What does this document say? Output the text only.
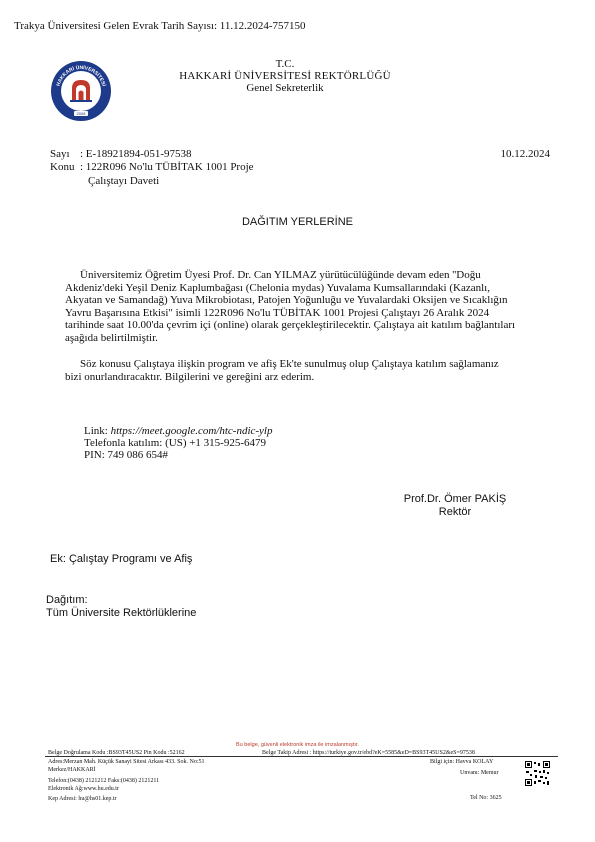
Trakya Üniversitesi Gelen Evrak Tarih Sayısı: 11.12.2024-757150
2008
HAKKARİ ÜNİVERSİTESİ
T.C.
HAKKARİ ÜNİVERSİTESİ REKTÖRLÜĞÜ
Genel Sekreterlik
Sayı : E-18921894-051-97538
Konu : 122R096 No'lu TÜBİTAK 1001 Proje
Çalıştayı Daveti
10.12.2024
DAĞITIM YERLERİNE
Üniversitemiz Öğretim Üyesi Prof. Dr. Can YILMAZ yürütücülüğünde devam eden ''Doğu
Akdeniz'deki Yeşil Deniz Kaplumbağası (Chelonia mydas) Yuvalama Kumsallarındaki (Kazanlı,
Akyatan ve Samandağ) Yuva Mikrobiotası, Patojen Yoğunluğu ve Yuvalardaki Oksijen ve Sıcaklığın
Yavru Başarısına Etkisi" isimli 122R096 No'lu TÜBİTAK 1001 Projesi Çalıştayı 26 Aralık 2024
tarihinde saat 10.00'da çevrim içi (online) olarak gerçekleştirilecektir. Çalıştaya ait katılım bağlantıları
aşağıda belirtilmiştir.
Söz konusu Çalıştaya ilişkin program ve afiş Ek'te sunulmuş olup Çalıştaya katılım sağlamanız
bizi onurlandıracaktır. Bilgilerini ve gereğini arz ederim.
Link: https://meet.google.com/htc-ndic-ylp
Telefonla katılım: (US) +1 315-925-6479
PIN: 749 086 654#
Prof.Dr. Ömer PAKİŞ
Rektör
Ek: Çalıştay Programı ve Afiş
Dağıtım:
Tüm Üniversite Rektörlüklerine
Bu belge, güvenli elektronik imza ile imzalanmıştır.
Belge Doğrulama Kodu :BS93T45US2 Pin Kodu :52162	Belge Takip Adresi : https://turkiye.gov.tr/ebd?eK=5585&eD=BS93T45US2&eS=97538
Adres:Merzan Mah. Küçük Sanayi Sitesi Arkası 433. Sok. No:51
Merkez/HAKKARİ
Telefon:(0438) 2121212 Faks:(0438) 2121211
Elektronik Ağ:www.hu.edu.tr
Kep Adresi: hu@hs01.kep.tr
Bilgi için: Havva KOLAY
Unvanı: Memur
Tel No: 3625
